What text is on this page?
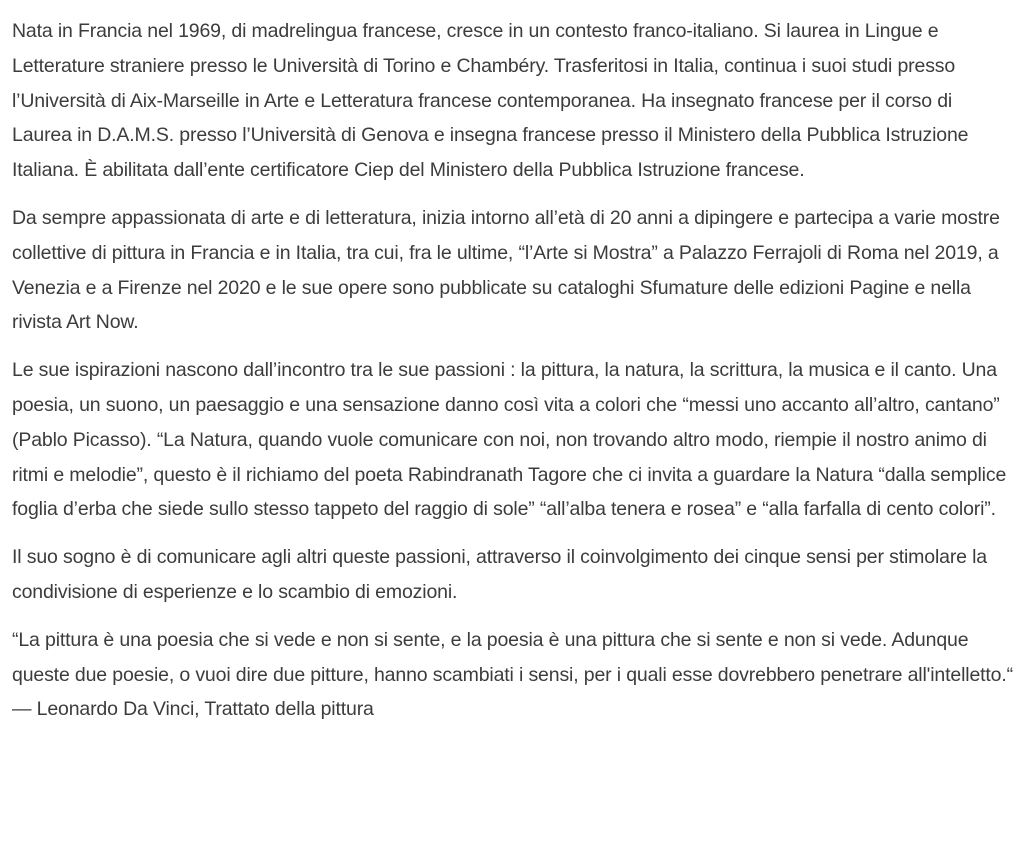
Nata in Francia nel 1969, di madrelingua francese, cresce in un contesto franco-italiano. Si laurea in Lingue e Letterature straniere presso le Università di Torino e Chambéry. Trasferitosi in Italia, continua i suoi studi presso l’Università di Aix-Marseille in Arte e Letteratura francese contemporanea. Ha insegnato francese per il corso di Laurea in D.A.M.S. presso l’Università di Genova e insegna francese presso il Ministero della Pubblica Istruzione Italiana. È abilitata dall’ente certificatore Ciep del Ministero della Pubblica Istruzione francese.

Da sempre appassionata di arte e di letteratura, inizia intorno all’età di 20 anni a dipingere e partecipa a varie mostre collettive di pittura in Francia e in Italia, tra cui, fra le ultime, “l’Arte si Mostra” a Palazzo Ferrajoli di Roma nel 2019, a Venezia e a Firenze nel 2020 e le sue opere sono pubblicate su cataloghi Sfumature delle edizioni Pagine e nella rivista Art Now.

Le sue ispirazioni nascono dall’incontro tra le sue passioni : la pittura, la natura, la scrittura, la musica e il canto. Una poesia, un suono, un paesaggio e una sensazione danno così vita a colori che “messi uno accanto all’altro, cantano” (Pablo Picasso). “La Natura, quando vuole comunicare con noi, non trovando altro modo, riempie il nostro animo di ritmi e melodie”, questo è il richiamo del poeta Rabindranath Tagore che ci invita a guardare la Natura “dalla semplice foglia d’erba che siede sullo stesso tappeto del raggio di sole” “all’alba tenera e rosea” e “alla farfalla di cento colori”.

Il suo sogno è di comunicare agli altri queste passioni, attraverso il coinvolgimento dei cinque sensi per stimolare la condivisione di esperienze e lo scambio di emozioni.

“La pittura è una poesia che si vede e non si sente, e la poesia è una pittura che si sente e non si vede. Adunque queste due poesie, o vuoi dire due pitture, hanno scambiati i sensi, per i quali esse dovrebbero penetrare all'intelletto.“ — Leonardo Da Vinci, Trattato della pittura
